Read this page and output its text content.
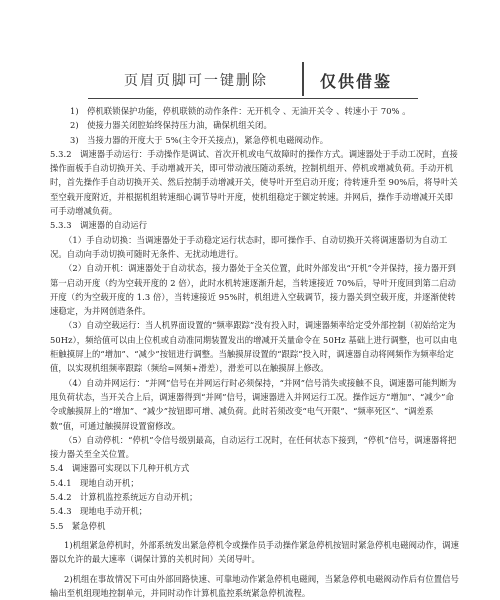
页眉页脚可一键删除	仅供借鉴

1)　停机联锁保护功能，停机联锁的动作条件：无开机令 、无油开关令 、转速小于 70% 。

2)　使接力器关闭腔始终保持压力油，确保机组关闭。

3)　当接力器的开度大于 5%(主令开关接点)，紧急停机电磁阀动作。

5.3.2　调速器手动运行：手动操作是调试、首次开机或电气故障时的操作方式。调速器处于手动工况时，直接操作面板手自动切换开关、手动增减开关，即可带动液压随动系统，控制机组开、停机或增减负荷。手动开机时，首先操作手自动切换开关、然后控制手动增减开关，使导叶开至启动开度；待转速升至 90%后，将导叶关至空载开度附近，并根据机组转速细心调节导叶开度，使机组稳定于额定转速。并网后，操作手动增减开关即可手动增减负荷。

5.3.3　调速器的自动运行

（1）手自动切换：当调速器处于手动稳定运行状态时，即可操作手、自动切换开关将调速器切为自动工况。自动向手动切换可随时无条件、无扰动地进行。

（2）自动开机：调速器处于自动状态，接力器处于全关位置，此时外部发出“开机”令并保持，接力器开到第一启动开度（约为空载开度的 2 倍），此时水机转速逐渐升起，当转速接近 70%后，导叶开度回到第二启动开度（约为空载开度的 1.3 倍），当转速接近 95%时，机组进入空载调节，接力器关到空载开度，并逐渐使转速稳定，为并网创造条件。

（3）自动空载运行：当人机界面设置的“频率跟踪”没有投入时，调速器频率给定受外部控制（初始给定为 50Hz），频给值可以由上位机或自动准同期装置发出的增减开关量命令在 50Hz 基础上进行调整，也可以由电柜触摸屏上的“增加”、“减少”按钮进行调整。当触摸屏设置的“跟踪”投入时，调速器自动将网频作为频率给定值，以实现机组频率跟踪（频给=网频+滑差），滑差可以在触摸屏上修改。

（4）自动并网运行：“并网”信号在并网运行时必须保持，“并网”信号消失或接触不良，调速器可能判断为甩负荷状态，当开关合上后，调速器得到“并网”信号，调速器进入并网运行工况。操作远方“增加”、“减少”命令或触摸屏上的“增加”、“减少”按钮即可增、减负荷。此时若须改变“电气开限”、“频率死区”、“调差系数”值，可通过触摸屏设置窗修改。

（5）自动停机：“停机”令信号级别最高，自动运行工况时，在任何状态下接到，“停机”信号，调速器将把接力器关至全关位置。

5.4　调速器可实现以下几种开机方式

5.4.1　现地自动开机；

5.4.2　计算机监控系统远方自动开机；

5.4.3　现地电手动开机；

5.5　紧急停机

1)机组紧急停机时，外部系统发出紧急停机令或操作员手动操作紧急停机按钮时紧急停机电磁阀动作，调速器以允许的最大速率（调保计算的关机时间）关闭导叶。

2)机组在事故情况下可由外部回路快速、可靠地动作紧急停机电磁阀，当紧急停机电磁阀动作后有位置信号输出至机组现地控制单元，并同时动作计算机监控系统紧急停机流程。
